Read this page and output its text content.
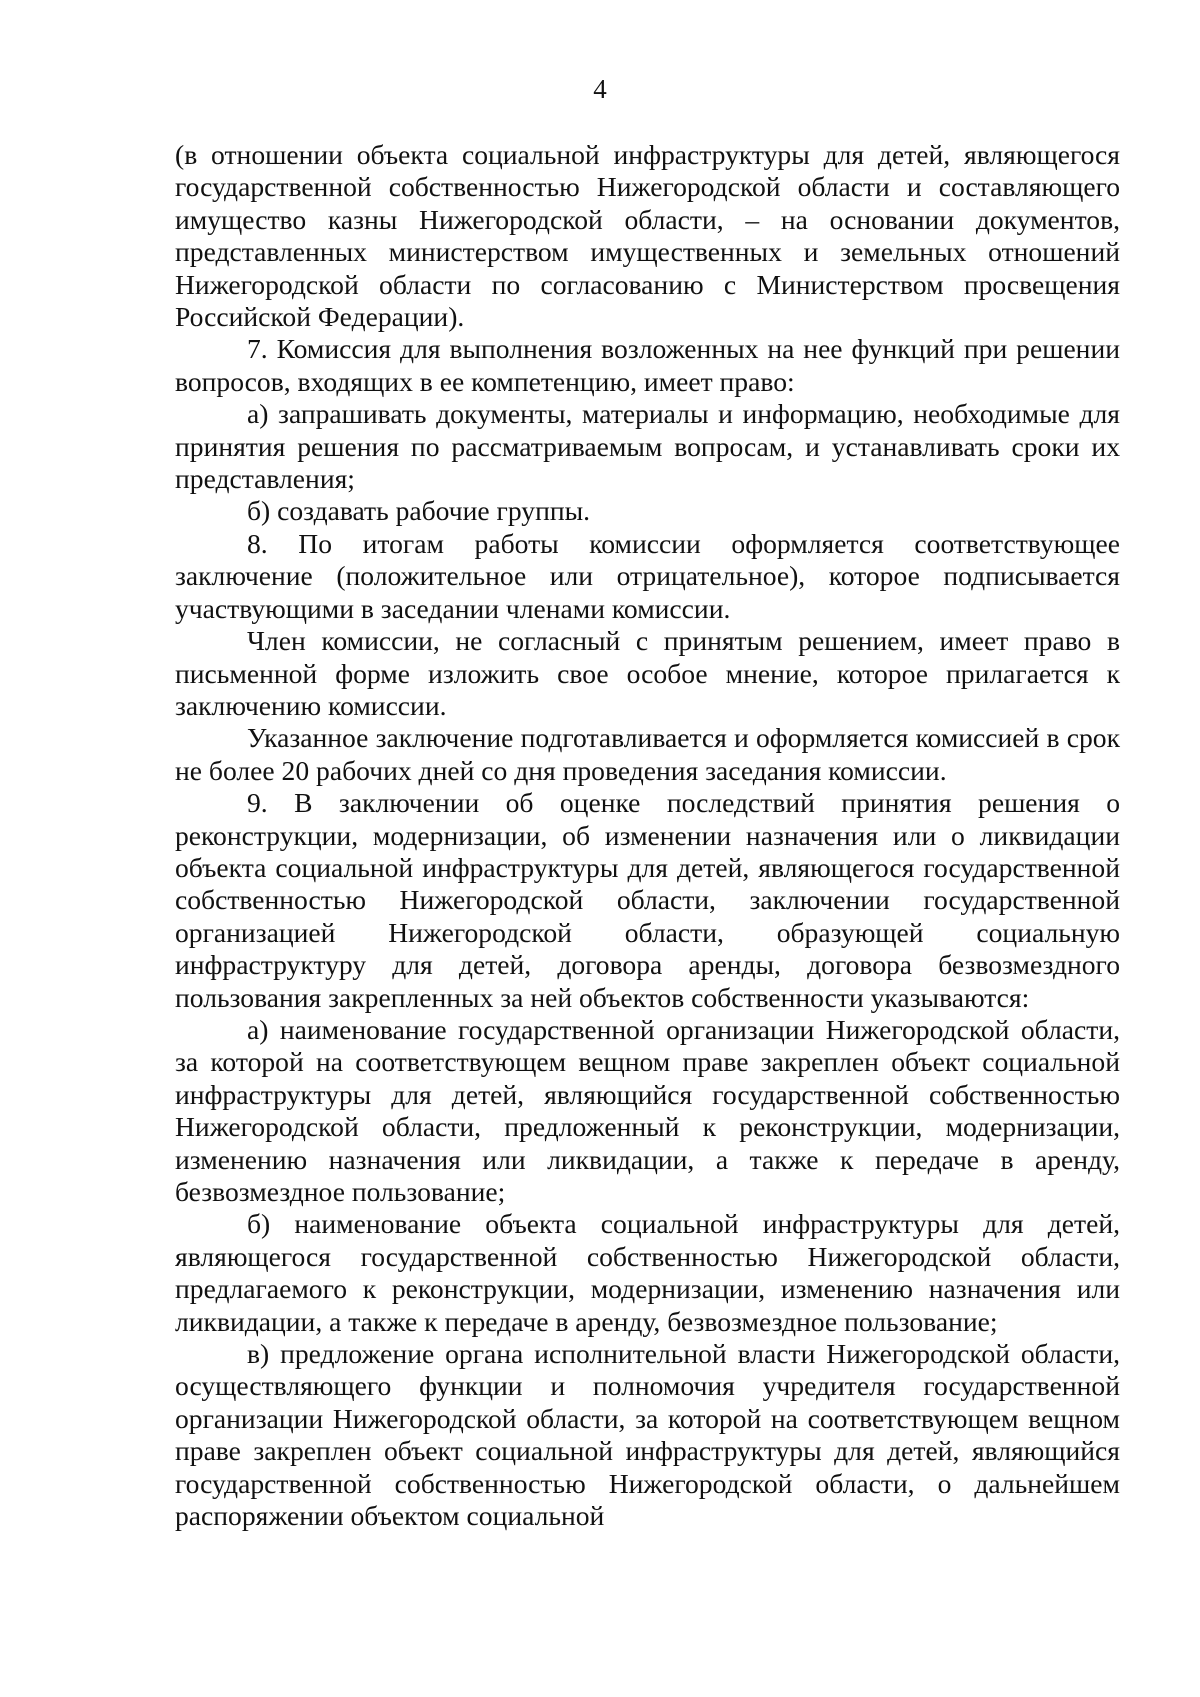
4

(в отношении объекта социальной инфраструктуры для детей, являющегося государственной собственностью Нижегородской области и составляющего имущество казны Нижегородской области, – на основании документов, представленных министерством имущественных и земельных отношений Нижегородской области по согласованию с Министерством просвещения Российской Федерации).

7. Комиссия для выполнения возложенных на нее функций при решении вопросов, входящих в ее компетенцию, имеет право:

а) запрашивать документы, материалы и информацию, необходимые для принятия решения по рассматриваемым вопросам, и устанавливать сроки их представления;

б) создавать рабочие группы.

8. По итогам работы комиссии оформляется соответствующее заключение (положительное или отрицательное), которое подписывается участвующими в заседании членами комиссии.

Член комиссии, не согласный с принятым решением, имеет право в письменной форме изложить свое особое мнение, которое прилагается к заключению комиссии.

Указанное заключение подготавливается и оформляется комиссией в срок не более 20 рабочих дней со дня проведения заседания комиссии.

9. В заключении об оценке последствий принятия решения о реконструкции, модернизации, об изменении назначения или о ликвидации объекта социальной инфраструктуры для детей, являющегося государственной собственностью Нижегородской области, заключении государственной организацией Нижегородской области, образующей социальную инфраструктуру для детей, договора аренды, договора безвозмездного пользования закрепленных за ней объектов собственности указываются:

а) наименование государственной организации Нижегородской области, за которой на соответствующем вещном праве закреплен объект социальной инфраструктуры для детей, являющийся государственной собственностью Нижегородской области, предложенный к реконструкции, модернизации, изменению назначения или ликвидации, а также к передаче в аренду, безвозмездное пользование;

б) наименование объекта социальной инфраструктуры для детей, являющегося государственной собственностью Нижегородской области, предлагаемого к реконструкции, модернизации, изменению назначения или ликвидации, а также к передаче в аренду, безвозмездное пользование;

в) предложение органа исполнительной власти Нижегородской области, осуществляющего функции и полномочия учредителя государственной организации Нижегородской области, за которой на соответствующем вещном праве закреплен объект социальной инфраструктуры для детей, являющийся государственной собственностью Нижегородской области, о дальнейшем распоряжении объектом социальной
